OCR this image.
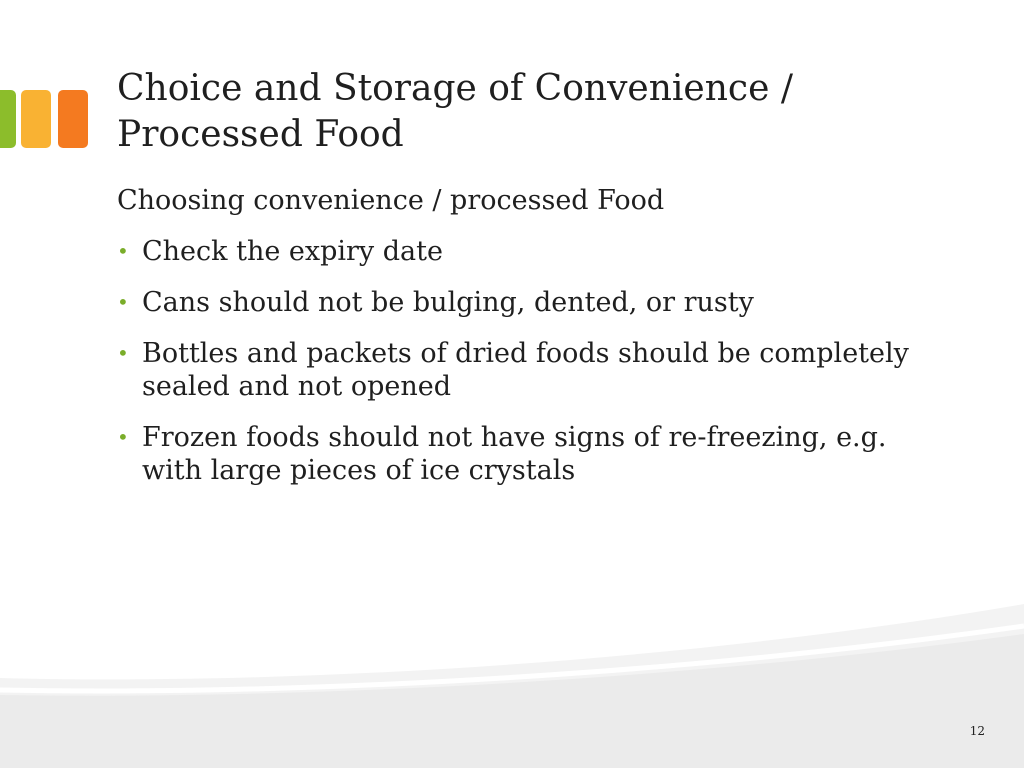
Choice and Storage of Convenience /
Processed Food

Choosing convenience / processed Food

• Check the expiry date
• Cans should not be bulging, dented, or rusty
• Bottles and packets of dried foods should be completely sealed and not opened
• Frozen foods should not have signs of re-freezing, e.g. with large pieces of ice crystals
12
